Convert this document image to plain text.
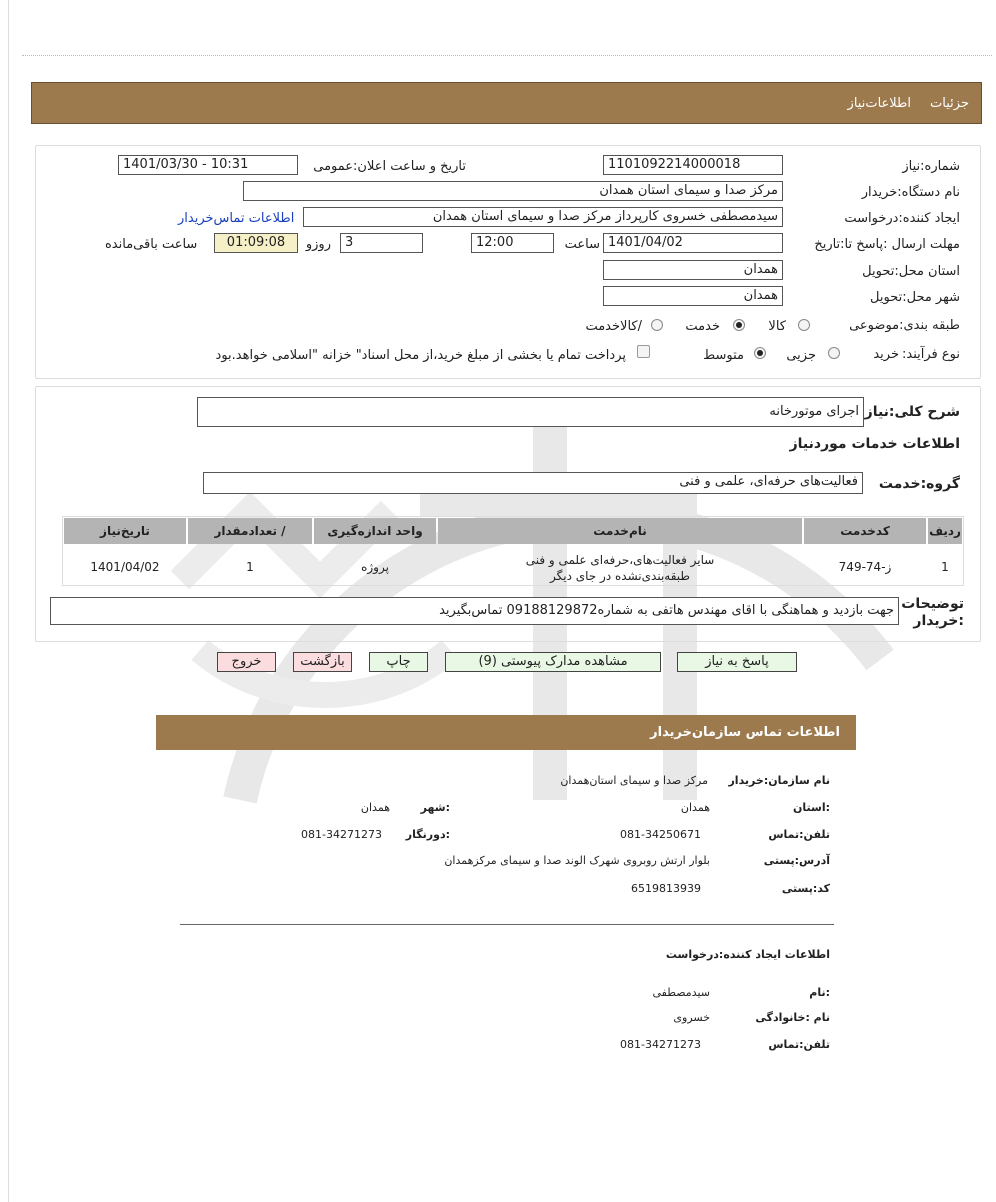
جزئیات
اطلاعات‌نیاز
شماره:نیاز
1101092214000018
تاریخ و ساعت اعلان:عمومی
1401/03/30 - 10:31
نام دستگاه:خریدار
مرکز صدا و سیمای استان همدان
ایجاد کننده:درخواست
سیدمصطفی خسروی کارپرداز مرکز صدا و سیمای استان همدان
اطلاعات تماس‌خریدار
مهلت ارسال :پاسخ تا:تاریخ
1401/04/02
ساعت
12:00
3
روزو
01:09:08
ساعت باقی‌مانده
استان محل:تحویل
همدان
شهر محل:تحویل
همدان
طبقه بندی:موضوعی
کالا
خدمت
/کالاخدمت
نوع فرآیند:
خرید
جزیی
متوسط
پرداخت تمام یا بخشی از مبلغ خرید،از محل اسناد" خزانه "اسلامی خواهد.بود
شرح کلی:نیاز
اجرای موتورخانه
اطلاعات خدمات موردنیاز
گروه:خدمت
فعالیت‌های حرفه‌ای، علمی و فنی
ردیف
کدخدمت
نام‌خدمت
واحد اندازه‌گیری
/ تعدادمقدار
تاریخ‌نیاز
1
ز-74-749
سایر فعالیت‌های،حرفه‌ای علمی و فنی
طبقه‌بندی‌نشده در جای دیگر
پروژه
1
1401/04/02
توضیحات
:خریدار
جهت بازدید و هماهنگی با اقای مهندس هاتفی به شماره09188129872 تماس‌بگیرید
پاسخ به نیاز
مشاهده مدارک پیوستی (9)
چاپ
بازگشت
خروج
اطلاعات تماس سازمان‌خریدار
نام سازمان:خریدار
مرکز صدا و سیمای استان‌همدان
:استان
همدان
:شهر
همدان
تلفن:تماس
081-34250671
:دورنگار
081-34271273
آدرس:پستی
بلوار ارتش روبروی شهرک الوند صدا و سیمای مرکزهمدان
کد:پستی
6519813939
اطلاعات ایجاد کننده:درخواست
:نام
سیدمصطفی
نام :خانوادگی
خسروی
تلفن:تماس
081-34271273
